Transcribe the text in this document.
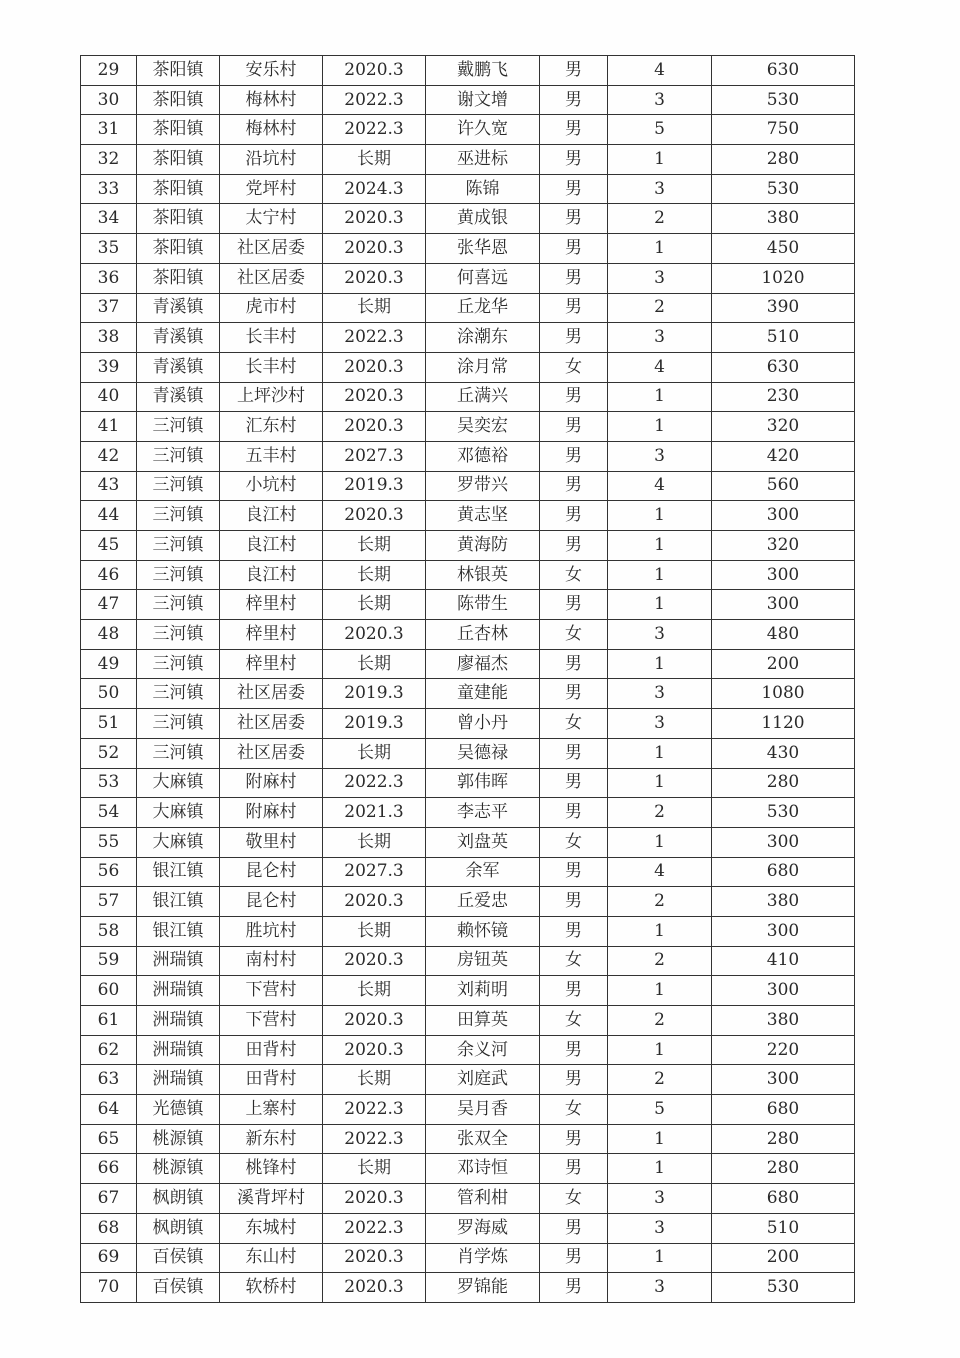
29	茶阳镇	安乐村	2020.3	戴鹏飞	男	4	630
30	茶阳镇	梅林村	2022.3	谢文增	男	3	530
31	茶阳镇	梅林村	2022.3	许久宽	男	5	750
32	茶阳镇	沿坑村	长期	巫进标	男	1	280
33	茶阳镇	党坪村	2024.3	陈锦	男	3	530
34	茶阳镇	太宁村	2020.3	黄成银	男	2	380
35	茶阳镇	社区居委	2020.3	张华恩	男	1	450
36	茶阳镇	社区居委	2020.3	何喜远	男	3	1020
37	青溪镇	虎市村	长期	丘龙华	男	2	390
38	青溪镇	长丰村	2022.3	涂潮东	男	3	510
39	青溪镇	长丰村	2020.3	涂月常	女	4	630
40	青溪镇	上坪沙村	2020.3	丘满兴	男	1	230
41	三河镇	汇东村	2020.3	吴奕宏	男	1	320
42	三河镇	五丰村	2027.3	邓德裕	男	3	420
43	三河镇	小坑村	2019.3	罗带兴	男	4	560
44	三河镇	良江村	2020.3	黄志坚	男	1	300
45	三河镇	良江村	长期	黄海防	男	1	320
46	三河镇	良江村	长期	林银英	女	1	300
47	三河镇	梓里村	长期	陈带生	男	1	300
48	三河镇	梓里村	2020.3	丘杏林	女	3	480
49	三河镇	梓里村	长期	廖福杰	男	1	200
50	三河镇	社区居委	2019.3	童建能	男	3	1080
51	三河镇	社区居委	2019.3	曾小丹	女	3	1120
52	三河镇	社区居委	长期	吴德禄	男	1	430
53	大麻镇	附麻村	2022.3	郭伟晖	男	1	280
54	大麻镇	附麻村	2021.3	李志平	男	2	530
55	大麻镇	敬里村	长期	刘盘英	女	1	300
56	银江镇	昆仑村	2027.3	余军	男	4	680
57	银江镇	昆仑村	2020.3	丘爱忠	男	2	380
58	银江镇	胜坑村	长期	赖怀镜	男	1	300
59	洲瑞镇	南村村	2020.3	房钮英	女	2	410
60	洲瑞镇	下营村	长期	刘莉明	男	1	300
61	洲瑞镇	下营村	2020.3	田算英	女	2	380
62	洲瑞镇	田背村	2020.3	余义河	男	1	220
63	洲瑞镇	田背村	长期	刘庭武	男	2	300
64	光德镇	上寨村	2022.3	吴月香	女	5	680
65	桃源镇	新东村	2022.3	张双全	男	1	280
66	桃源镇	桃锋村	长期	邓诗恒	男	1	280
67	枫朗镇	溪背坪村	2020.3	管利柑	女	3	680
68	枫朗镇	东城村	2022.3	罗海威	男	3	510
69	百侯镇	东山村	2020.3	肖学炼	男	1	200
70	百侯镇	软桥村	2020.3	罗锦能	男	3	530
